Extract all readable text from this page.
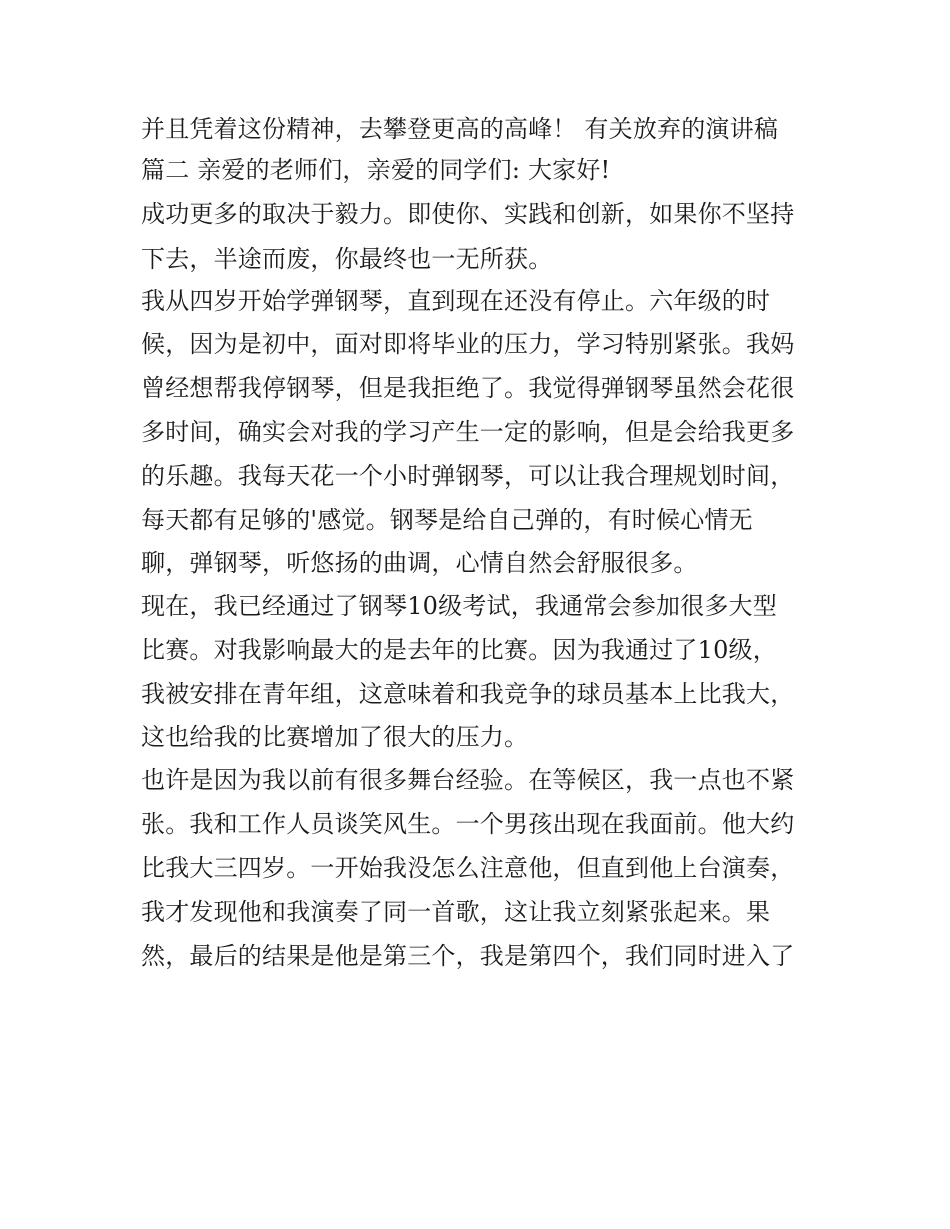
并且凭着这份精神，去攀登更高的高峰！ 有关放弃的演讲稿
篇二 亲爱的老师们，亲爱的同学们: 大家好!
成功更多的取决于毅力。即使你、实践和创新，如果你不坚持
下去，半途而废，你最终也一无所获。
我从四岁开始学弹钢琴，直到现在还没有停止。六年级的时
候，因为是初中，面对即将毕业的压力，学习特别紧张。我妈
曾经想帮我停钢琴，但是我拒绝了。我觉得弹钢琴虽然会花很
多时间，确实会对我的学习产生一定的影响，但是会给我更多
的乐趣。我每天花一个小时弹钢琴，可以让我合理规划时间，
每天都有足够的'感觉。钢琴是给自己弹的，有时候心情无
聊，弹钢琴，听悠扬的曲调，心情自然会舒服很多。
现在，我已经通过了钢琴10级考试，我通常会参加很多大型
比赛。对我影响最大的是去年的比赛。因为我通过了10级，
我被安排在青年组，这意味着和我竞争的球员基本上比我大，
这也给我的比赛增加了很大的压力。
也许是因为我以前有很多舞台经验。在等候区，我一点也不紧
张。我和工作人员谈笑风生。一个男孩出现在我面前。他大约
比我大三四岁。一开始我没怎么注意他，但直到他上台演奏，
我才发现他和我演奏了同一首歌，这让我立刻紧张起来。果
然，最后的结果是他是第三个，我是第四个，我们同时进入了
